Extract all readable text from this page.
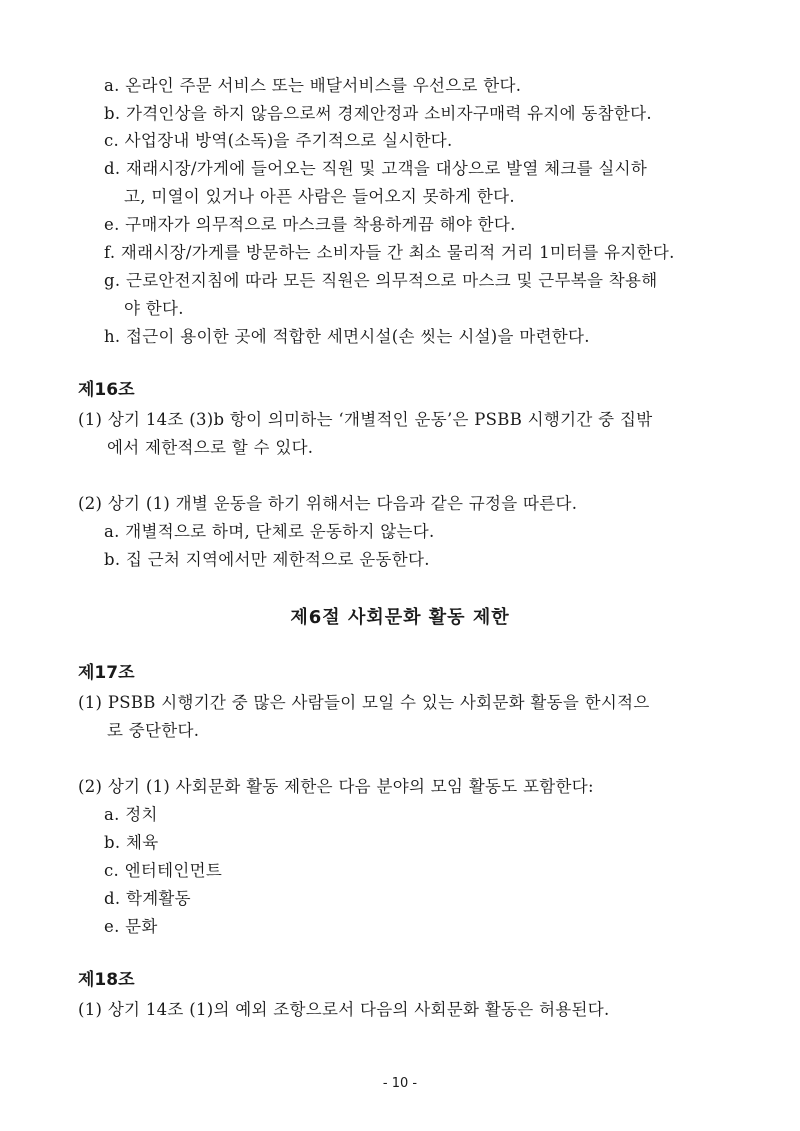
a. 온라인 주문 서비스 또는 배달서비스를 우선으로 한다.
b. 가격인상을 하지 않음으로써 경제안정과 소비자구매력 유지에 동참한다.
c. 사업장내 방역(소독)을 주기적으로 실시한다.
d. 재래시장/가게에 들어오는 직원 및 고객을 대상으로 발열 체크를 실시하
고, 미열이 있거나 아픈 사람은 들어오지 못하게 한다.
e. 구매자가 의무적으로 마스크를 착용하게끔 해야 한다.
f. 재래시장/가게를 방문하는 소비자들 간 최소 물리적 거리 1미터를 유지한다.
g. 근로안전지침에 따라 모든 직원은 의무적으로 마스크 및 근무복을 착용해
야 한다.
h. 접근이 용이한 곳에 적합한 세면시설(손 씻는 시설)을 마련한다.
제16조
(1) 상기 14조 (3)b 항이 의미하는 ‘개별적인 운동’은 PSBB 시행기간 중 집밖
에서 제한적으로 할 수 있다.
(2) 상기 (1) 개별 운동을 하기 위해서는 다음과 같은 규정을 따른다.
a. 개별적으로 하며, 단체로 운동하지 않는다.
b. 집 근처 지역에서만 제한적으로 운동한다.
제6절 사회문화 활동 제한
제17조
(1) PSBB 시행기간 중 많은 사람들이 모일 수 있는 사회문화 활동을 한시적으
로 중단한다.
(2) 상기 (1) 사회문화 활동 제한은 다음 분야의 모임 활동도 포함한다:
a. 정치
b. 체육
c. 엔터테인먼트
d. 학계활동
e. 문화
제18조
(1) 상기 14조 (1)의 예외 조항으로서 다음의 사회문화 활동은 허용된다.
- 10 -
